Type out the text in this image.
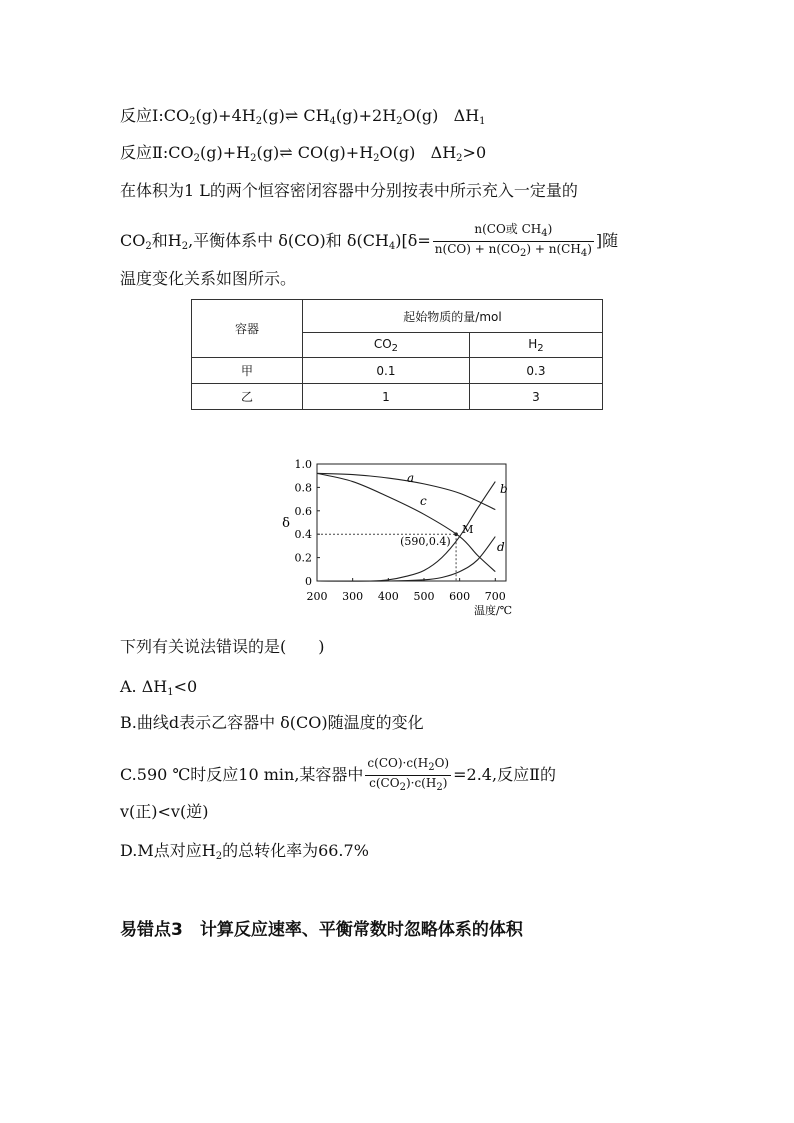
反应$Ⅰ:CO_2(g)+4H_2(g)\rightleftharpoons$ $CH_4(g)+2H_2O(g)$ $\Delta H_1$
反应$Ⅱ:CO_2(g)+H_2(g)\rightleftharpoons$ $CO(g)+H_2O(g)$ $\Delta H_2>0$
在体积为1 L的两个恒容密闭容器中分别按表中所示充入一定量的
$CO_2$和$H_2$,平衡体系中 δ(CO)和 $\delta(CH_4)[\delta= \frac{n(CO或 CH_4)}{n(CO) + n(CO_2) + n(CH_4)}$ ]随
温度变化关系如图所示。
容器	起始物质的量/mol	
	$CO_2$	$H_2$
甲	0.1	0.3
乙	1	3
200 300 400 500 600 700
0
0.2
0.4
0.6
0.8
1.0
δ
温度/℃
a
b
c
d
M
(590,0.4)
下列有关说法错误的是(　　)
A. $\Delta H_1<0$
B.曲线d表示乙容器中 δ(CO)随温度的变化
C.590 ℃时反应10 min,某容器中 $\frac{c(CO)\cdot c(H_2O)}{c(CO_2)\cdot c(H_2)} =2.4$,反应Ⅱ的
v(正)<v(逆)
D.M点对应$H_2$的总转化率为66.7%
易错点3　计算反应速率、平衡常数时忽略体系的体积
